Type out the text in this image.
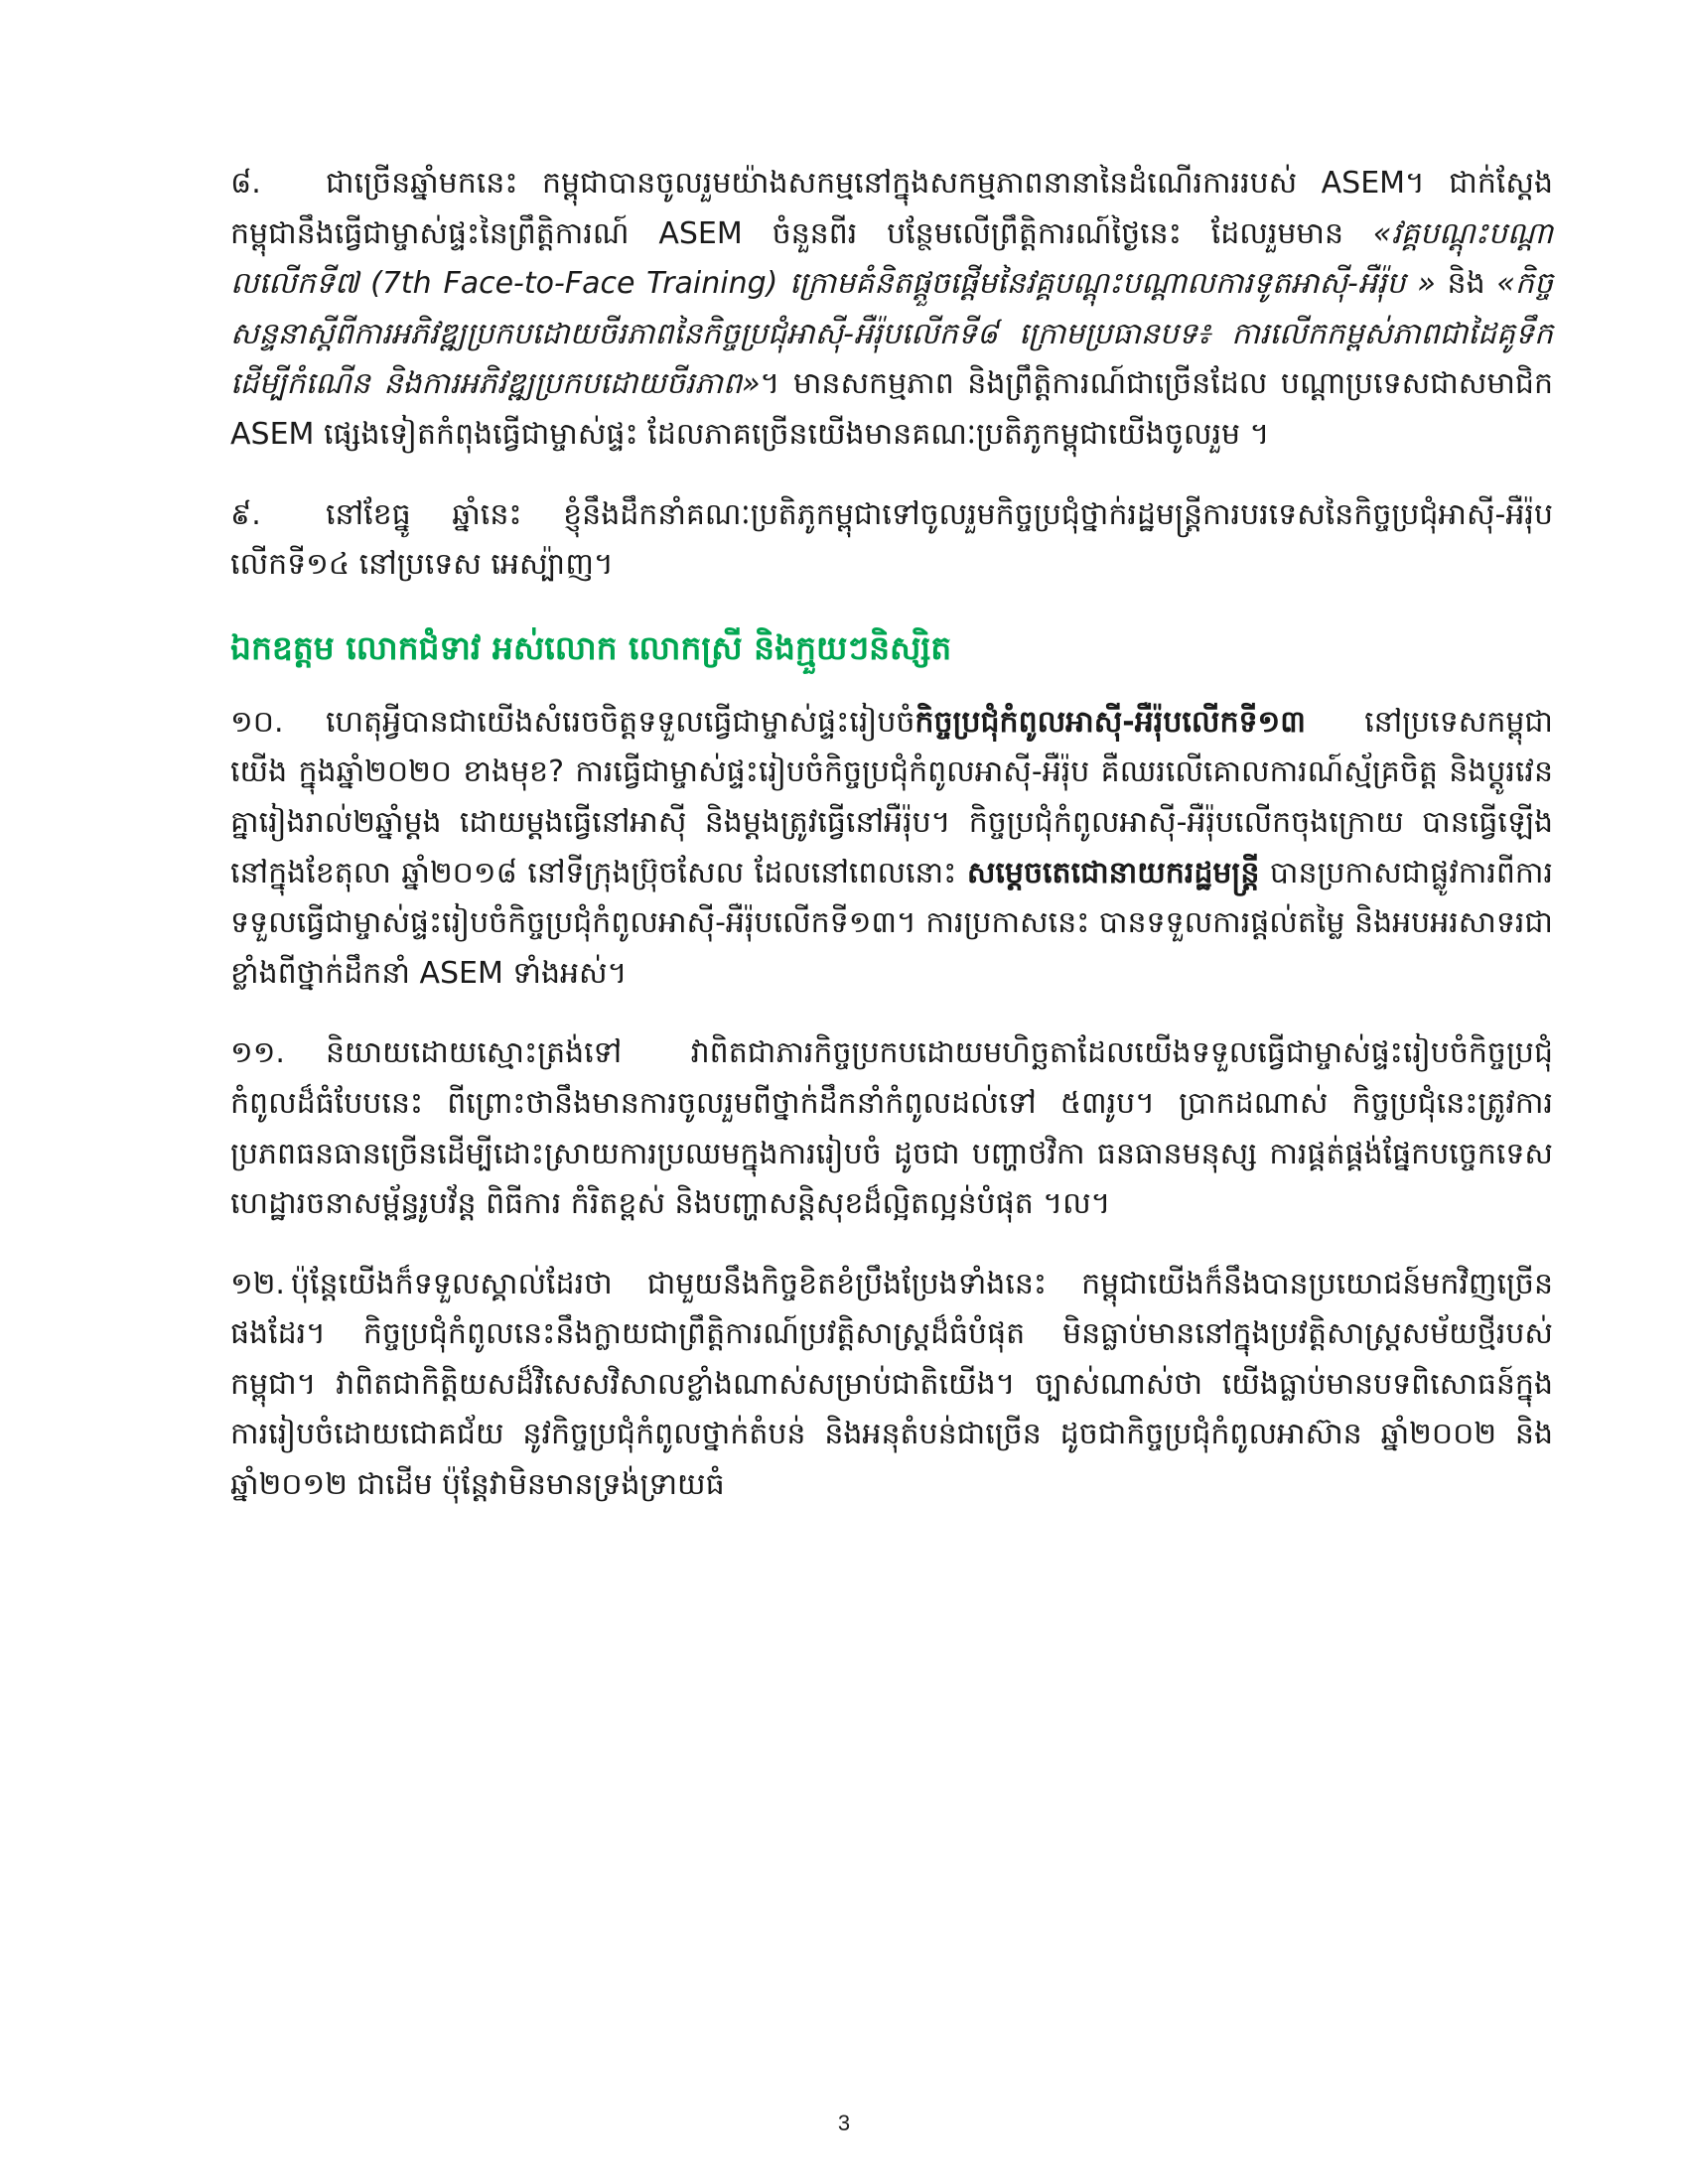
៨. ជាច្រើនឆ្នាំមកនេះ កម្ពុជាបានចូលរួមយ៉ាងសកម្មនៅក្នុងសកម្មភាពនានានៃដំណើរការរបស់ ASEM។ ជាក់ស្តែង កម្ពុជានឹងធ្វើជាម្ចាស់ផ្ទះនៃព្រឹត្តិការណ៍ ASEM ចំនួនពីរ បន្ថែមលើព្រឹត្តិការណ៍ថ្ងៃនេះ ដែលរួមមាន «វគ្គបណ្តុះបណ្តាលលើកទី៧ (7th Face-to-Face Training) ក្រោមគំនិតផ្តួចផ្តើមនៃវគ្គបណ្តុះបណ្តាលការទូតអាស៊ី-អឺរ៉ុប » និង «កិច្ចសន្ទនាស្តីពីការអភិវឌ្ឍប្រកបដោយចីរភាពនៃកិច្ចប្រជុំអាស៊ី-អឺរ៉ុបលើកទី៨ ក្រោមប្រធានបទ៖ ការលើកកម្ពស់ភាពជាដៃគូទឹក ដើម្បីកំណើន និងការអភិវឌ្ឍប្រកបដោយចីរភាព»។ មានសកម្មភាព និងព្រឹត្តិការណ៍ជាច្រើនដែល បណ្តាប្រទេសជាសមាជិក ASEM ផ្សេងទៀតកំពុងធ្វើជាម្ចាស់ផ្ទះ ដែលភាគច្រើនយើងមានគណៈប្រតិភូកម្ពុជាយើងចូលរួម ។

៩. នៅខែធ្នូ ឆ្នាំនេះ ខ្ញុំនឹងដឹកនាំគណៈប្រតិភូកម្ពុជាទៅចូលរួមកិច្ចប្រជុំថ្នាក់រដ្ឋមន្ត្រីការបរទេសនៃកិច្ចប្រជុំអាស៊ី-អឺរ៉ុបលើកទី១៤ នៅប្រទេស អេស្ប៉ាញ។

ឯកឧត្តម លោកជំទាវ អស់លោក លោកស្រី និងក្មួយៗនិស្សិត

១០. ហេតុអ្វីបានជាយើងសំរេចចិត្តទទួលធ្វើជាម្ចាស់ផ្ទះរៀបចំកិច្ចប្រជុំកំពូលអាស៊ី-អឺរ៉ុបលើកទី១៣ នៅប្រទេសកម្ពុជាយើង ក្នុងឆ្នាំ២០២០ ខាងមុខ? ការធ្វើជាម្ចាស់ផ្ទះរៀបចំកិច្ចប្រជុំកំពូលអាស៊ី-អឺរ៉ុប គឺឈរលើគោលការណ៍ស្ម័គ្រចិត្ត និងប្តូរវេនគ្នារៀងរាល់២ឆ្នាំម្តង ដោយម្តងធ្វើនៅអាស៊ី និងម្តងត្រូវធ្វើនៅអឺរ៉ុប។ កិច្ចប្រជុំកំពូលអាស៊ី-អឺរ៉ុបលើកចុងក្រោយ បានធ្វើឡើងនៅក្នុងខែតុលា ឆ្នាំ២០១៨ នៅទីក្រុងប្រ៊ុចសែល ដែលនៅពេលនោះ សម្តេចតេជោនាយករដ្ឋមន្ត្រី បានប្រកាសជាផ្លូវការពីការទទួលធ្វើជាម្ចាស់ផ្ទះរៀបចំកិច្ចប្រជុំកំពូលអាស៊ី-អឺរ៉ុបលើកទី១៣។ ការប្រកាសនេះ បានទទួលការផ្តល់តម្លៃ និងអបអរសាទរជាខ្លាំងពីថ្នាក់ដឹកនាំ ASEM ទាំងអស់។

១១. និយាយដោយស្មោះត្រង់ទៅ វាពិតជាភារកិច្ចប្រកបដោយមហិច្ឆតាដែលយើងទទួលធ្វើជាម្ចាស់ផ្ទះរៀបចំកិច្ចប្រជុំកំពូលដ៏ធំបែបនេះ ពីព្រោះថានឹងមានការចូលរួមពីថ្នាក់ដឹកនាំកំពូលដល់ទៅ ៥៣រូប។ ប្រាកដណាស់ កិច្ចប្រជុំនេះត្រូវការប្រភពធនធានច្រើនដើម្បីដោះស្រាយការប្រឈមក្នុងការរៀបចំ ដូចជា បញ្ហាថវិកា ធនធានមនុស្ស ការផ្គត់ផ្គង់ផ្នែកបច្ចេកទេស ហេដ្ឋារចនាសម្ព័ន្ធរូបវ័ន្ត ពិធីការ កំរិតខ្ពស់ និងបញ្ហាសន្តិសុខដ៏ល្អិតល្អន់បំផុត ។ល។

១២. ប៉ុន្តែយើងក៏ទទួលស្គាល់ដែរថា ជាមួយនឹងកិច្ចខិតខំប្រឹងប្រែងទាំងនេះ កម្ពុជាយើងក៏នឹងបានប្រយោជន៍មកវិញច្រើនផងដែរ។ កិច្ចប្រជុំកំពូលនេះនឹងក្លាយជាព្រឹត្តិការណ៍ប្រវត្តិសាស្ត្រដ៏ធំបំផុត មិនធ្លាប់មាននៅក្នុងប្រវត្តិសាស្ត្រសម័យថ្មីរបស់កម្ពុជា។ វាពិតជាកិត្តិយសដ៏វិសេសវិសាលខ្លាំងណាស់សម្រាប់ជាតិយើង។ ច្បាស់ណាស់ថា យើងធ្លាប់មានបទពិសោធន៍ក្នុងការរៀបចំដោយជោគជ័យ នូវកិច្ចប្រជុំកំពូលថ្នាក់តំបន់ និងអនុតំបន់ជាច្រើន ដូចជាកិច្ចប្រជុំកំពូលអាស៊ាន ឆ្នាំ២០០២ និងឆ្នាំ២០១២ ជាដើម ប៉ុន្តែវាមិនមានទ្រង់ទ្រាយធំ

3
